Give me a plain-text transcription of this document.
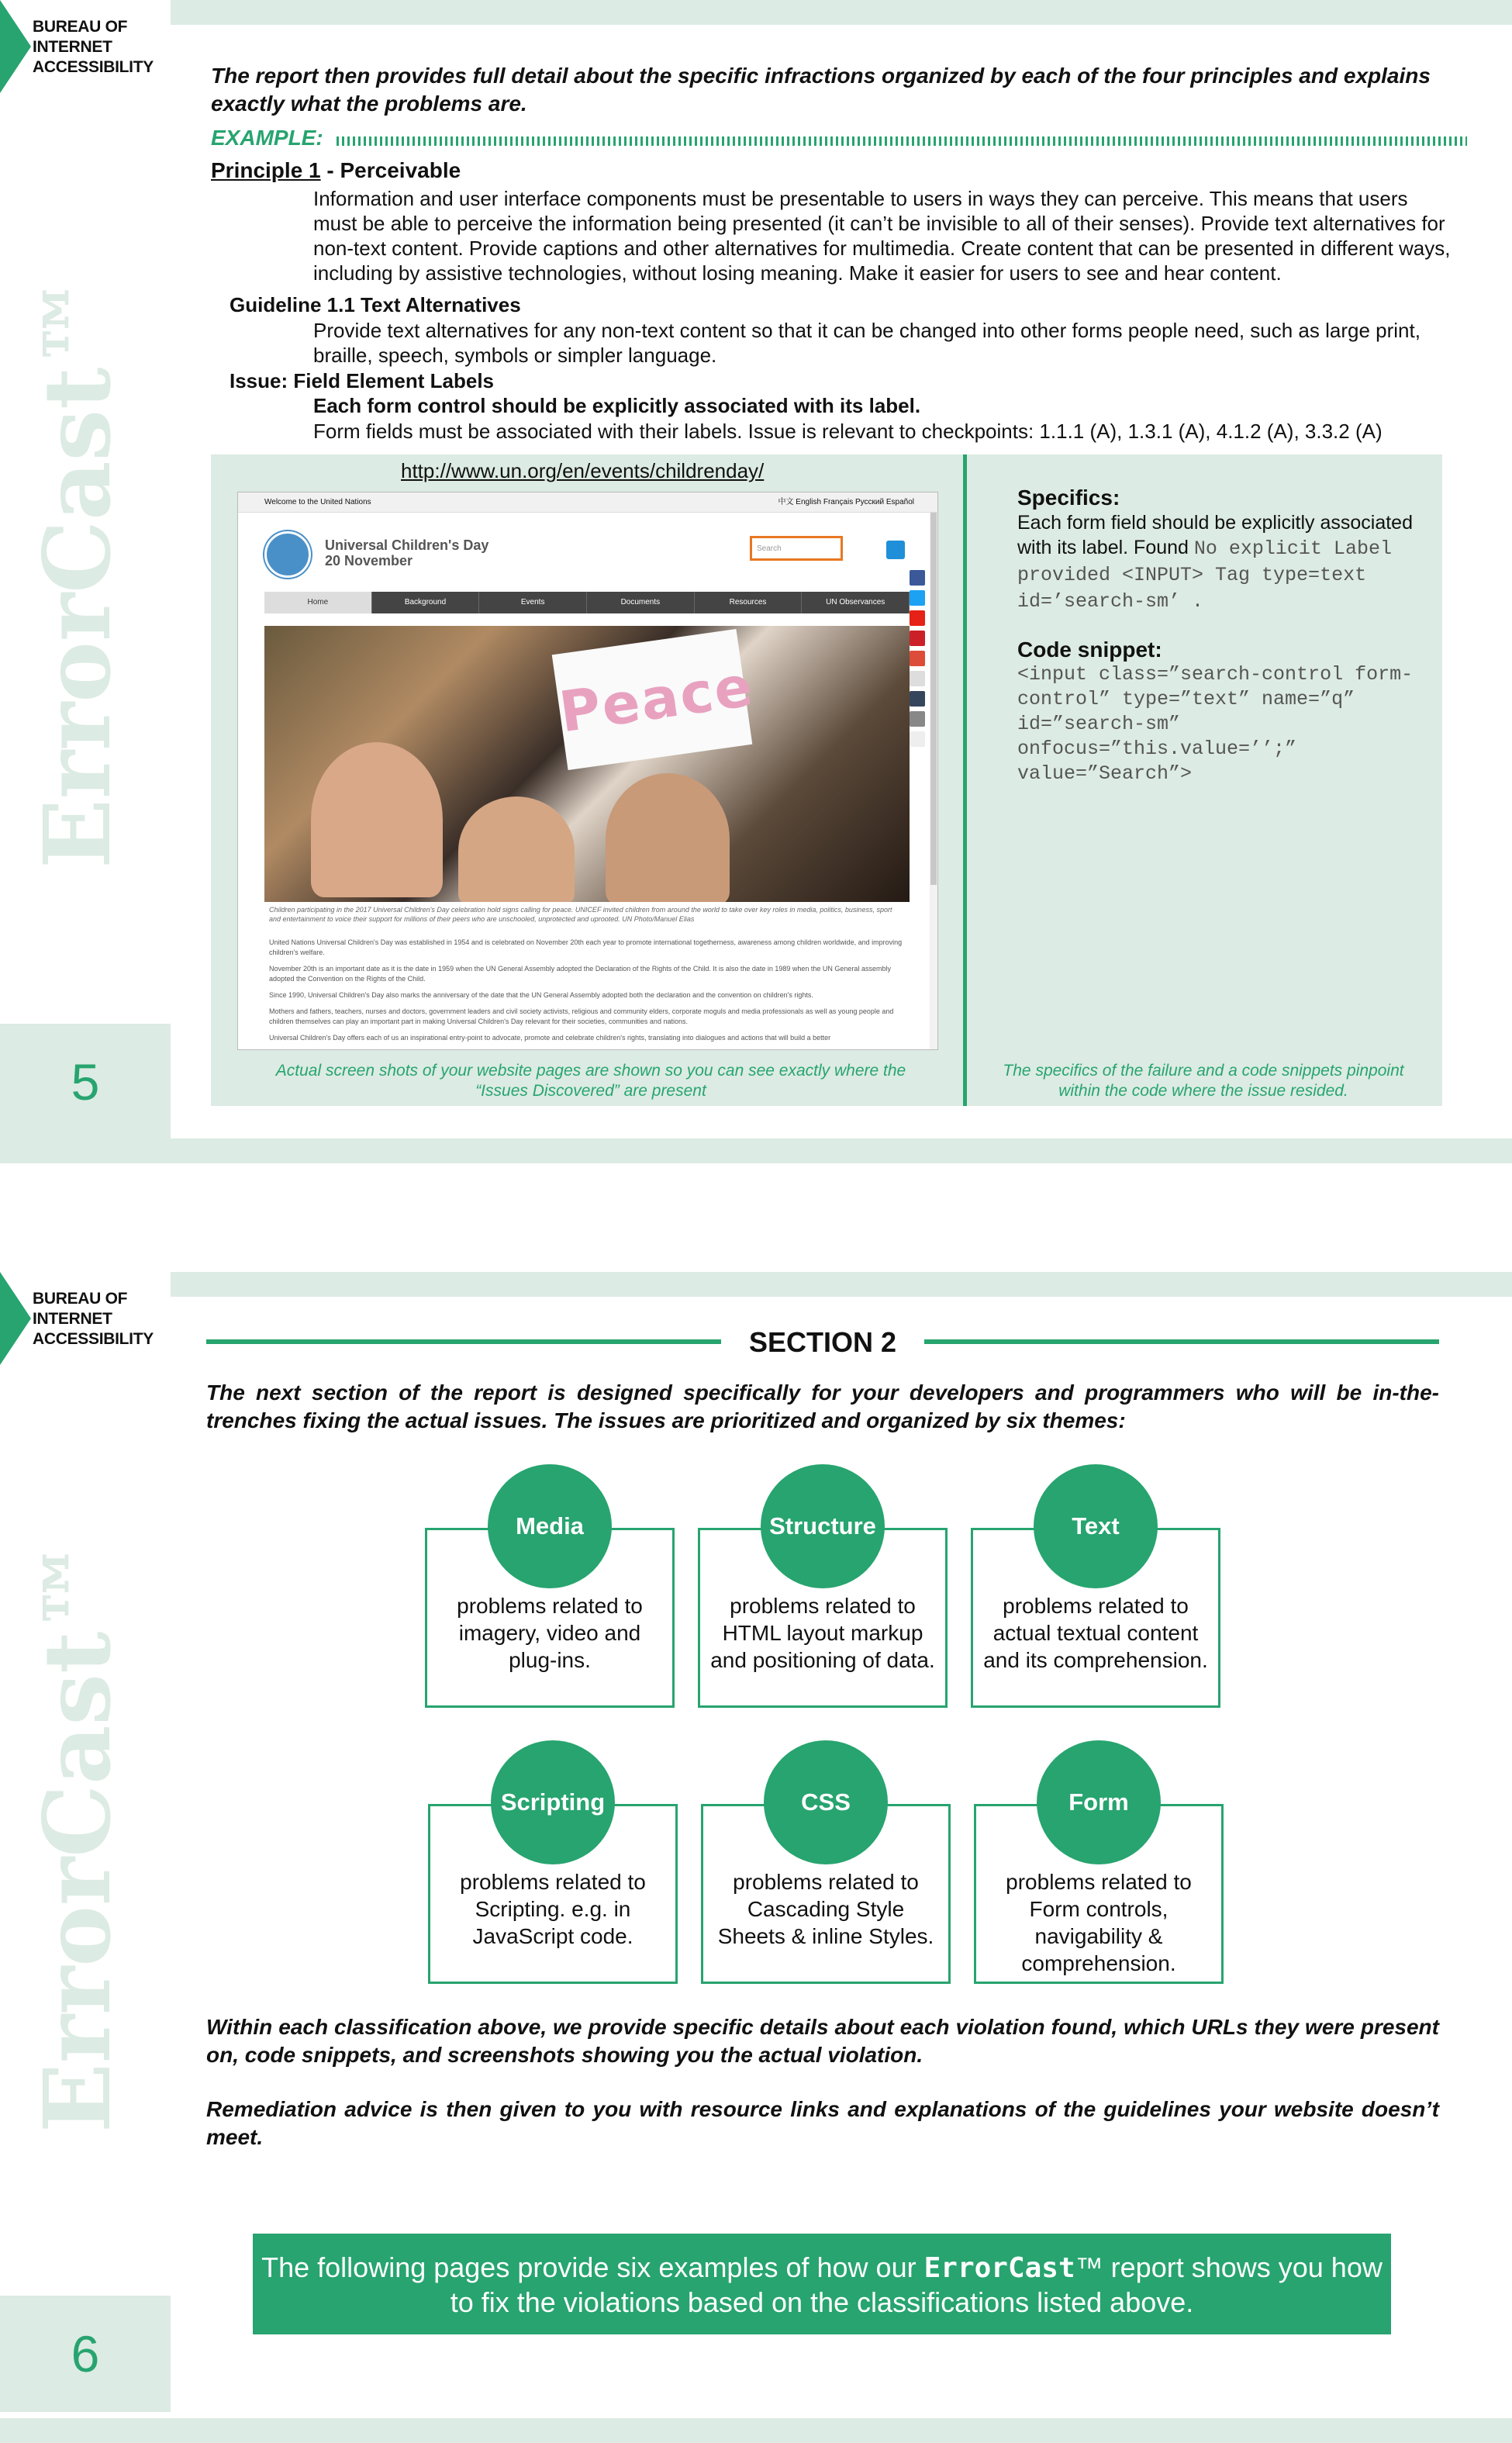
BUREAU OF
INTERNET
ACCESSIBILITY
ErrorCast™
5
The report then provides full detail about the specific infractions organized by each of the four principles and explains exactly what the problems are.
EXAMPLE:
Principle 1 - Perceivable
Information and user interface components must be presentable to users in ways they can perceive. This means that users must be able to perceive the information being presented (it can’t be invisible to all of their senses). Provide text alternatives for non-text content. Provide captions and other alternatives for multimedia. Create content that can be presented in different ways, including by assistive technologies, without losing meaning. Make it easier for users to see and hear content.
Guideline 1.1 Text Alternatives
Provide text alternatives for any non-text content so that it can be changed into other forms people need, such as large print, braille, speech, symbols or simpler language.
Issue: Field Element Labels
Each form control should be explicitly associated with its label.
Form fields must be associated with their labels. Issue is relevant to checkpoints: 1.1.1 (A), 1.3.1 (A), 4.1.2 (A), 3.3.2 (A)
http://www.un.org/en/events/childrenday/
Welcome to the United Nations	中文 English Français Русский Español
Universal Children's Day
20 November
Search
Home	Background	Events	Documents	Resources	UN Observances
Peace
Children participating in the 2017 Universal Children's Day celebration hold signs calling for peace. UNICEF invited children from around the world to take over key roles in media, politics, business, sport and entertainment to voice their support for millions of their peers who are unschooled, unprotected and uprooted. UN Photo/Manuel Elias

United Nations Universal Children's Day was established in 1954 and is celebrated on November 20th each year to promote international togetherness, awareness among children worldwide, and improving children's welfare.

November 20th is an important date as it is the date in 1959 when the UN General Assembly adopted the Declaration of the Rights of the Child. It is also the date in 1989 when the UN General assembly adopted the Convention on the Rights of the Child.

Since 1990, Universal Children's Day also marks the anniversary of the date that the UN General Assembly adopted both the declaration and the convention on children's rights.

Mothers and fathers, teachers, nurses and doctors, government leaders and civil society activists, religious and community elders, corporate moguls and media professionals as well as young people and children themselves can play an important part in making Universal Children's Day relevant for their societies, communities and nations.

Universal Children's Day offers each of us an inspirational entry-point to advocate, promote and celebrate children's rights, translating into dialogues and actions that will build a better

Actual screen shots of your website pages are shown so you can see exactly where the “Issues Discovered” are present
Specifics:
Each form field should be explicitly associated with its label. Found No explicit Label provided <INPUT> Tag type=text id=’search-sm’ .
Code snippet:
<input class=”search-control form-control” type=”text” name=”q” id=”search-sm” onfocus=”this.value=’’;” value=”Search”>
The specifics of the failure and a code snippets pinpoint within the code where the issue resided.
BUREAU OF
INTERNET
ACCESSIBILITY
ErrorCast™
6
SECTION 2
The next section of the report is designed specifically for your developers and programmers who will be in-the-trenches fixing the actual issues. The issues are prioritized and organized by six themes:
problems related to imagery, video and plug-ins.
Media
problems related to HTML layout markup and positioning of data.
Structure
problems related to actual textual content and its comprehension.
Text
problems related to Scripting. e.g. in JavaScript code.
Scripting
problems related to Cascading Style Sheets & inline Styles.
CSS
problems related to Form controls, navigability & comprehension.
Form
Within each classification above, we provide specific details about each violation found, which URLs they were present on, code snippets, and screenshots showing you the actual violation.
Remediation advice is then given to you with resource links and explanations of the guidelines your website doesn’t meet.
The following pages provide six examples of how our ErrorCast™ report shows you how to fix the violations based on the classifications listed above.
